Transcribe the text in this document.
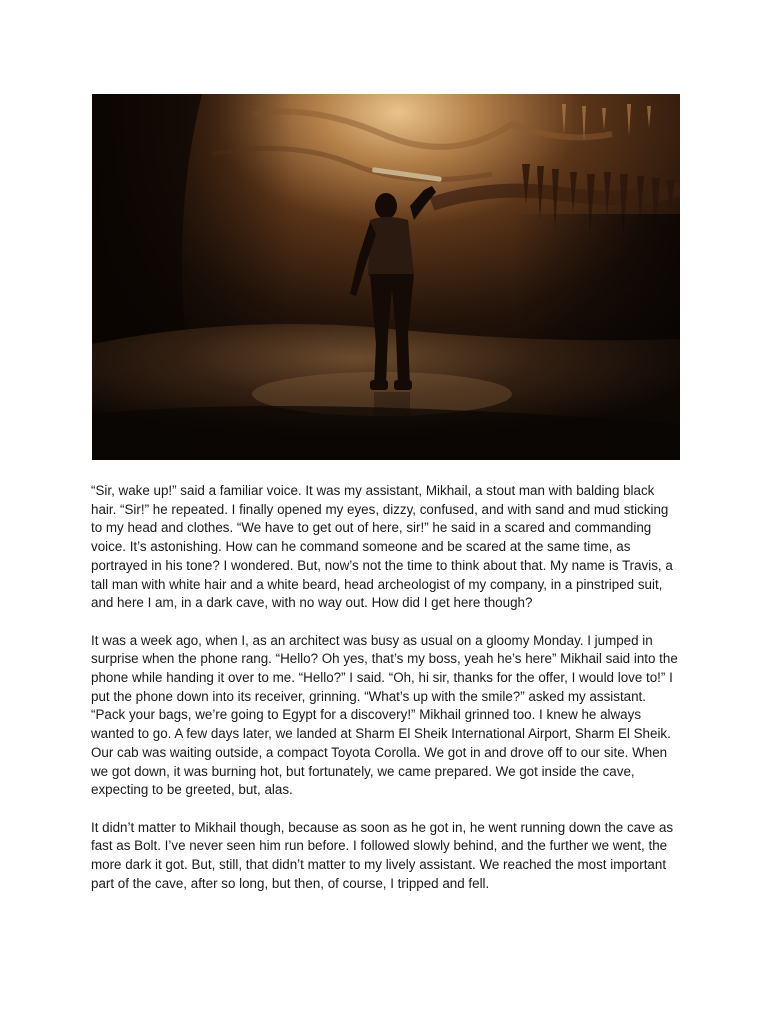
“Sir, wake up!” said a familiar voice. It was my assistant, Mikhail, a stout man with balding black hair. “Sir!” he repeated. I finally opened my eyes, dizzy, confused, and with sand and mud sticking to my head and clothes. “We have to get out of here, sir!” he said in a scared and commanding voice. It’s astonishing. How can he command someone and be scared at the same time, as portrayed in his tone? I wondered. But, now’s not the time to think about that. My name is Travis, a tall man with white hair and a white beard, head archeologist of my company, in a pinstriped suit, and here I am, in a dark cave, with no way out. How did I get here though?

It was a week ago, when I, as an architect was busy as usual on a gloomy Monday. I jumped in surprise when the phone rang. “Hello? Oh yes, that’s my boss, yeah he’s here” Mikhail said into the phone while handing it over to me. “Hello?” I said. “Oh, hi sir, thanks for the offer, I would love to!” I put the phone down into its receiver, grinning. “What’s up with the smile?” asked my assistant. “Pack your bags, we’re going to Egypt for a discovery!” Mikhail grinned too. I knew he always wanted to go. A few days later, we landed at Sharm El Sheik International Airport, Sharm El Sheik. Our cab was waiting outside, a compact Toyota Corolla. We got in and drove off to our site. When we got down, it was burning hot, but fortunately, we came prepared. We got inside the cave, expecting to be greeted, but, alas.

It didn’t matter to Mikhail though, because as soon as he got in, he went running down the cave as fast as Bolt. I’ve never seen him run before. I followed slowly behind, and the further we went, the more dark it got. But, still, that didn’t matter to my lively assistant. We reached the most important part of the cave, after so long, but then, of course, I tripped and fell.
